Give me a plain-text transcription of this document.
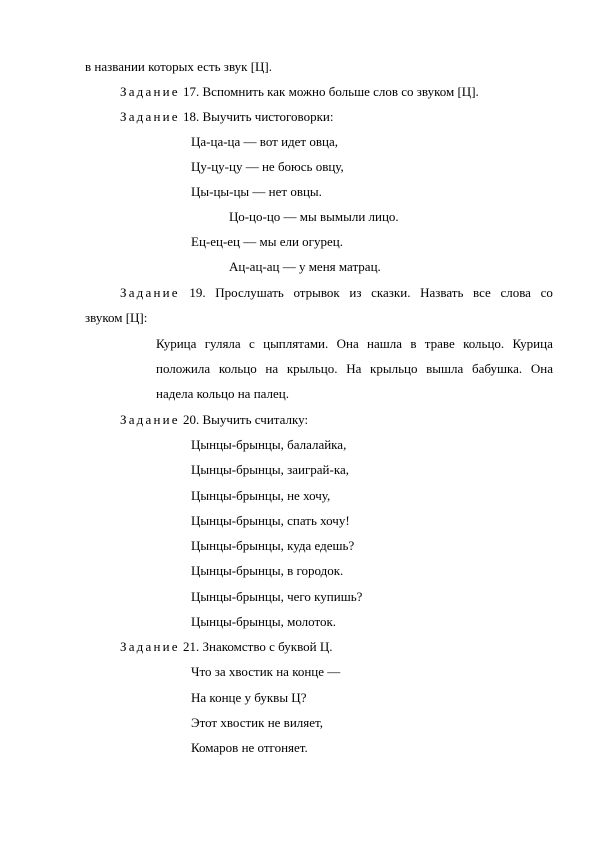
в названии которых есть звук [Ц].
Задание 17. Вспомнить как можно больше слов со звуком [Ц].
Задание 18. Выучить чистоговорки:
Ца-ца-ца — вот идет овца,
Цу-цу-цу — не боюсь овцу,
Цы-цы-цы — нет овцы.
Цо-цо-цо — мы вымыли лицо.
Ец-ец-ец — мы ели огурец.
Ац-ац-ац — у меня матрац.
Задание 19. Прослушать отрывок из сказки. Назвать все слова со
звуком [Ц]:
Курица гуляла с цыплятами. Она нашла в траве кольцо. Курица
положила кольцо на крыльцо. На крыльцо вышла бабушка. Она
надела кольцо на палец.
Задание 20. Выучить считалку:
Цынцы-брынцы, балалайка,
Цынцы-брынцы, заиграй-ка,
Цынцы-брынцы, не хочу,
Цынцы-брынцы, спать хочу!
Цынцы-брынцы, куда едешь?
Цынцы-брынцы, в городок.
Цынцы-брынцы, чего купишь?
Цынцы-брынцы, молоток.
Задание 21. Знакомство с буквой Ц.
Что за хвостик на конце —
На конце у буквы Ц?
Этот хвостик не виляет,
Комаров не отгоняет.
